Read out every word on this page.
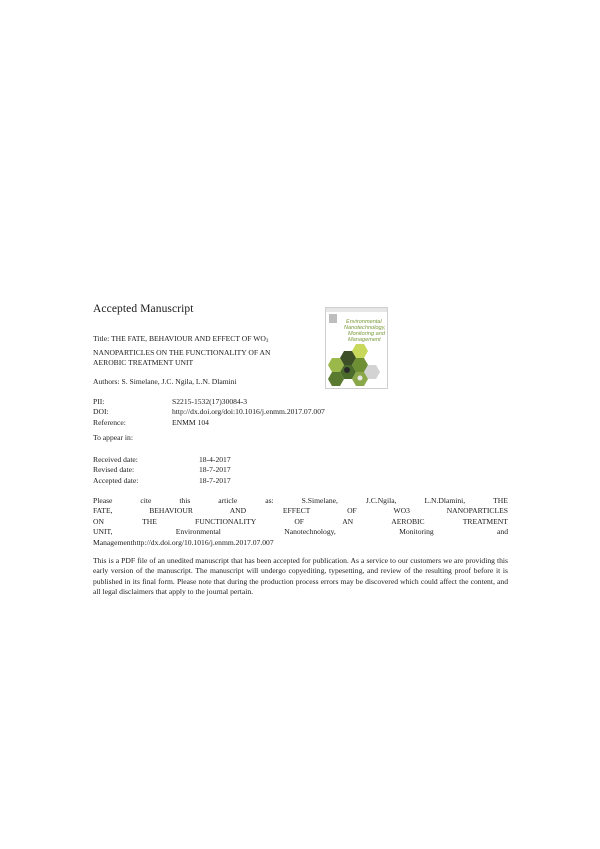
Accepted Manuscript
Title: THE FATE, BEHAVIOUR AND EFFECT OF $WO_3$
NANOPARTICLES ON THE FUNCTIONALITY OF AN
AEROBIC TREATMENT UNIT
Authors: S. Simelane, J.C. Ngila, L.N. Dlamini
PII:	S2215-1532(17)30084-3
DOI:	http://dx.doi.org/doi:10.1016/j.enmm.2017.07.007
Reference:	ENMM 104
To appear in:
Received date:	18-4-2017
Revised date:	18-7-2017
Accepted date:	18-7-2017
Please	cite	this	article	as:	S.Simelane,	J.C.Ngila,	L.N.Dlamini,	THE
FATE,	BEHAVIOUR	AND	EFFECT	OF	WO3	NANOPARTICLES
ON	THE	FUNCTIONALITY	OF	AN	AEROBIC	TREATMENT
UNIT,	Environmental	Nanotechnology,	Monitoring	and
Managementhttp://dx.doi.org/10.1016/j.enmm.2017.07.007
This is a PDF file of an unedited manuscript that has been accepted for publication. As a service to our customers we are providing this early version of the manuscript. The manuscript will undergo copyediting, typesetting, and review of the resulting proof before it is published in its final form. Please note that during the production process errors may be discovered which could affect the content, and all legal disclaimers that apply to the journal pertain.
Environmental
Nanotechnology,
Monitoring and
Management
